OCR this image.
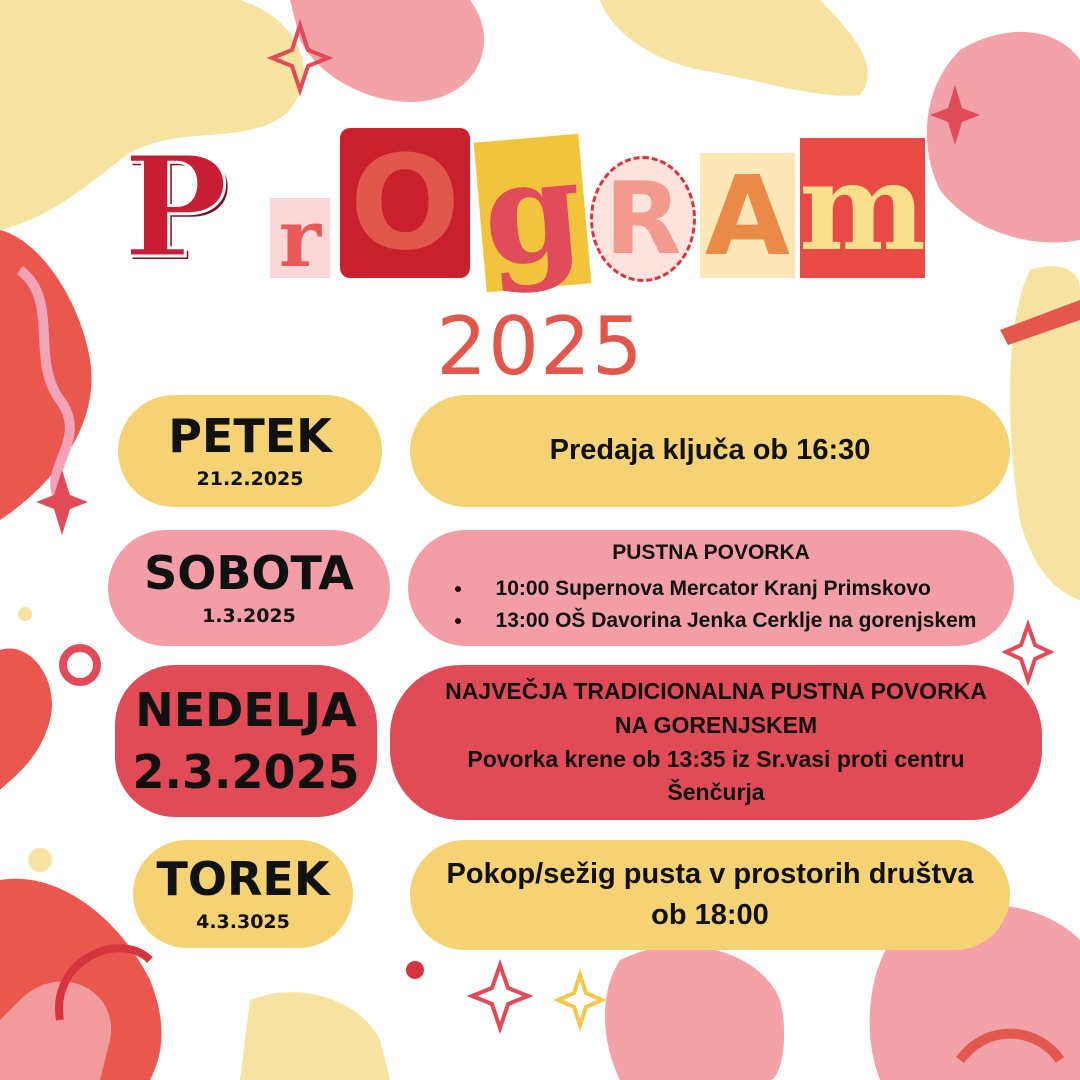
P r O g R A m
2025
PETEK
21.2.2025
Predaja ključa ob 16:30
SOBOTA
1.3.2025
PUSTNA POVORKA
• 10:00 Supernova Mercator Kranj Primskovo
• 13:00 OŠ Davorina Jenka Cerklje na gorenjskem
NEDELJA
2.3.2025
NAJVEČJA TRADICIONALNA PUSTNA POVORKA
NA GORENJSKEM
Povorka krene ob 13:35 iz Sr.vasi proti centru
Šenčurja
TOREK
4.3.3025
Pokop/sežig pusta v prostorih društva
ob 18:00
